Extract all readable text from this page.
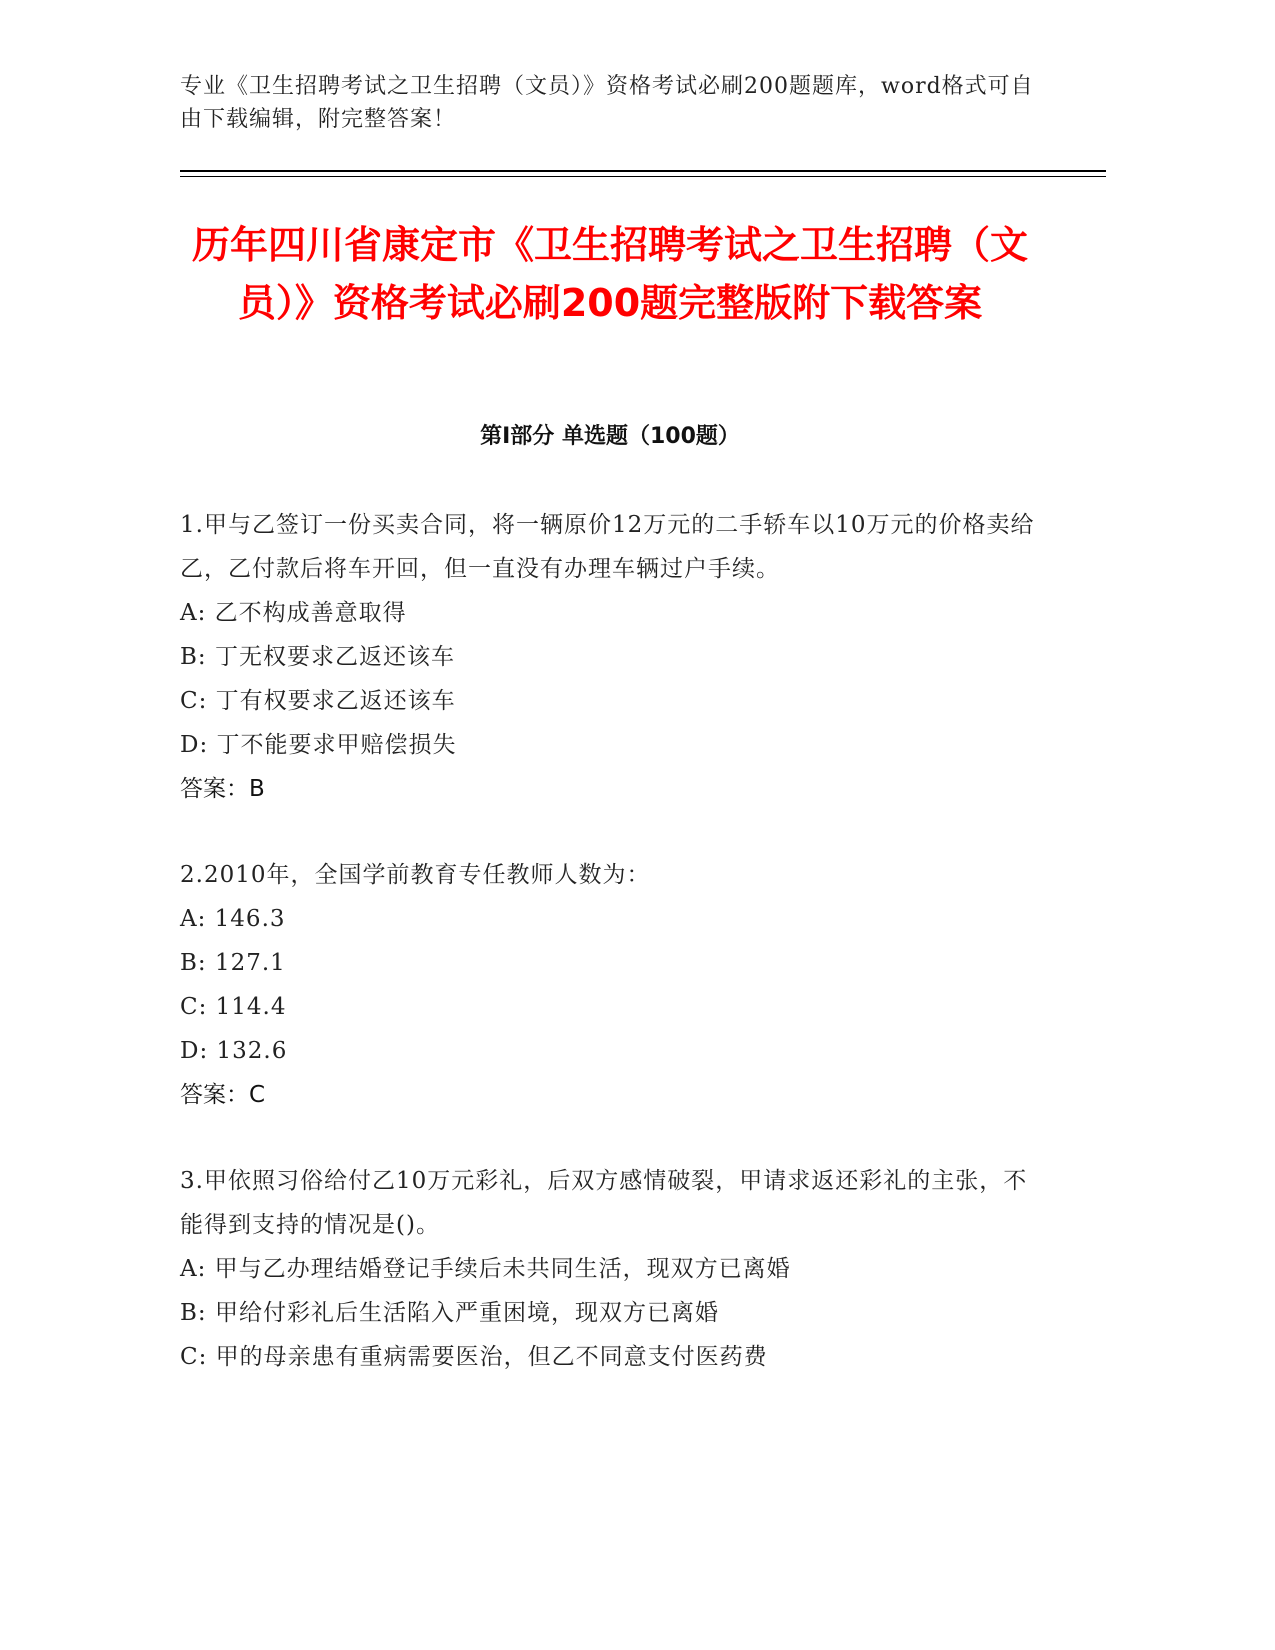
专业《卫生招聘考试之卫生招聘（文员）》资格考试必刷200题题库，word格式可自由下载编辑，附完整答案！

历年四川省康定市《卫生招聘考试之卫生招聘（文员）》资格考试必刷200题完整版附下载答案
第Ⅰ部分 单选题（100题）

1.甲与乙签订一份买卖合同，将一辆原价12万元的二手轿车以10万元的价格卖给乙，乙付款后将车开回，但一直没有办理车辆过户手续。

A: 乙不构成善意取得

B: 丁无权要求乙返还该车

C: 丁有权要求乙返还该车

D: 丁不能要求甲赔偿损失

答案：B

2.2010年，全国学前教育专任教师人数为：

A: 146.3

B: 127.1

C: 114.4

D: 132.6

答案：C

3.甲依照习俗给付乙10万元彩礼，后双方感情破裂，甲请求返还彩礼的主张，不能得到支持的情况是()。

A: 甲与乙办理结婚登记手续后未共同生活，现双方已离婚

B: 甲给付彩礼后生活陷入严重困境，现双方已离婚

C: 甲的母亲患有重病需要医治，但乙不同意支付医药费
